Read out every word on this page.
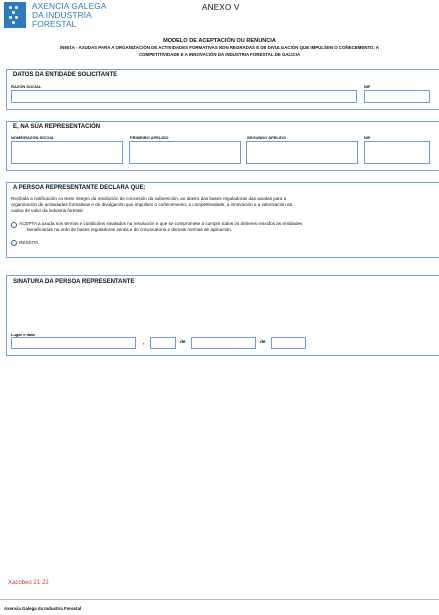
AXENCIA GALEGA
DA INDUSTRIA
FORESTAL
ANEXO V
MODELO DE ACEPTACIÓN OU RENUNCIA
IN501A - AXUDAS PARA A ORGANIZACIÓN DE ACTIVIDADES FORMATIVAS NON REGRADAS E DE DIVULGACIÓN QUE IMPULSEN O COÑECEMENTO, A
COMPETITIVIDADE E A INNOVACIÓN DA INDUSTRIA FORESTAL DE GALICIA
DATOS DA ENTIDADE SOLICITANTE
RAZÓN SOCIAL	NIF
E, NA SÚA REPRESENTACIÓN
NOME/RAZÓN SOCIAL	PRIMEIRO APELIDO	SEGUNDO APELIDO	NIF
A PERSOA REPRESENTANTE DECLARA QUE:
Recibida a notificación co texto íntegro da resolución de concesión da subvención, ao abeiro das bases reguladoras das axudas para a
organización de actividades formativas e de divulgación que impulsen o coñecemento, a competitividade, a innovación e a valorización da
cadea de valor da industria forestal.
ACEPTA a axuda nos termos e condicións sinalados na resolución e que se compromete a cumprir todos os deberes exixidos ás entidades
beneficiarias na orde de bases reguladoras xerais e de convocatoria e demais normas de aplicación.
REXEITA.
SINATURA DA PERSOA REPRESENTANTE
Lugar e data
,	de	de
Xacobeo 21·22
Axencia Galega da Industria Forestal
